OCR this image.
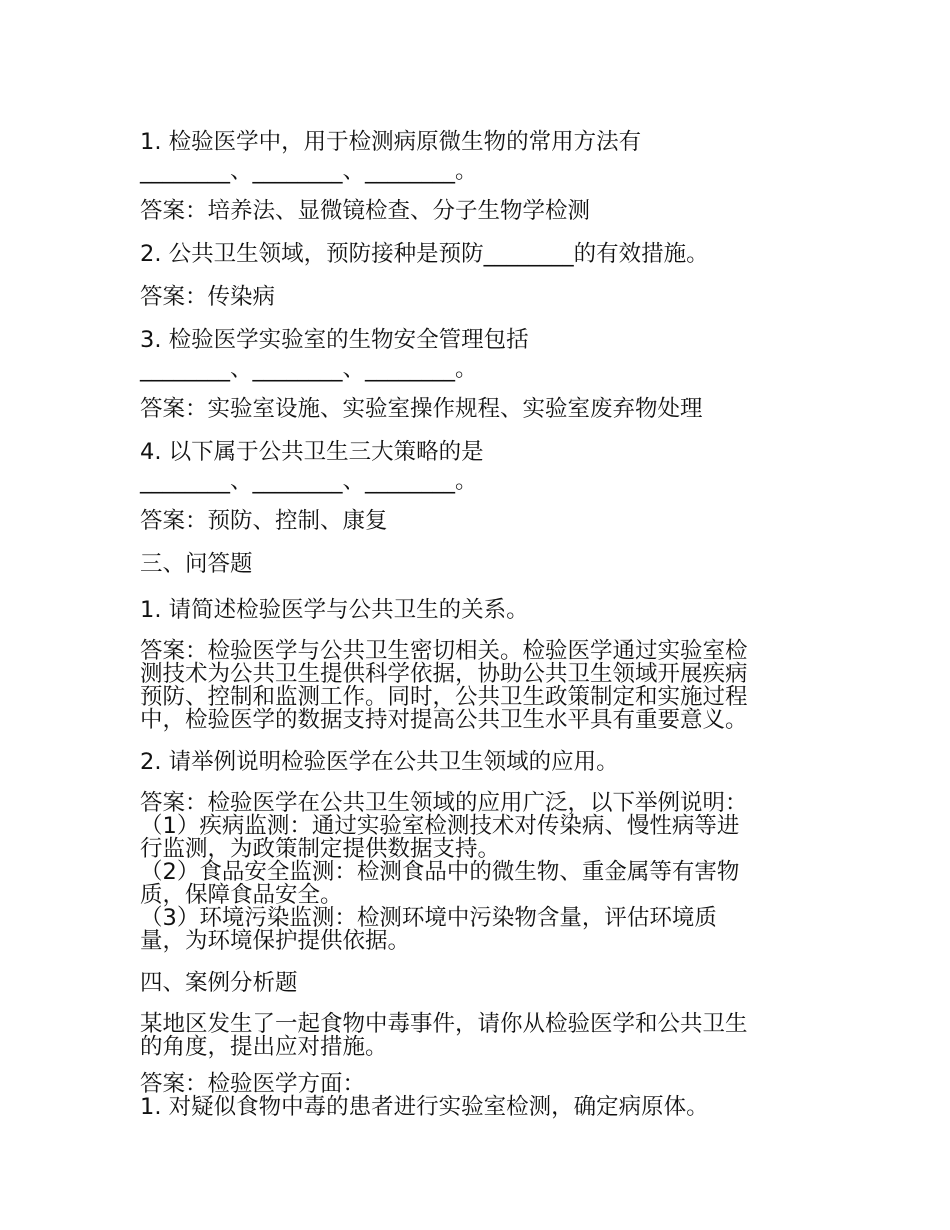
1. 检验医学中，用于检测病原微生物的常用方法有
________、________、________。
答案：培养法、显微镜检查、分子生物学检测
2. 公共卫生领域，预防接种是预防________的有效措施。
答案：传染病
3. 检验医学实验室的生物安全管理包括
________、________、________。
答案：实验室设施、实验室操作规程、实验室废弃物处理
4. 以下属于公共卫生三大策略的是
________、________、________。
答案：预防、控制、康复
三、问答题
1. 请简述检验医学与公共卫生的关系。
答案：检验医学与公共卫生密切相关。检验医学通过实验室检
测技术为公共卫生提供科学依据，协助公共卫生领域开展疾病
预防、控制和监测工作。同时，公共卫生政策制定和实施过程
中，检验医学的数据支持对提高公共卫生水平具有重要意义。
2. 请举例说明检验医学在公共卫生领域的应用。
答案：检验医学在公共卫生领域的应用广泛，以下举例说明：
（1）疾病监测：通过实验室检测技术对传染病、慢性病等进
行监测，为政策制定提供数据支持。
（2）食品安全监测：检测食品中的微生物、重金属等有害物
质，保障食品安全。
（3）环境污染监测：检测环境中污染物含量，评估环境质
量，为环境保护提供依据。
四、案例分析题
某地区发生了一起食物中毒事件，请你从检验医学和公共卫生
的角度，提出应对措施。
答案：检验医学方面：
1. 对疑似食物中毒的患者进行实验室检测，确定病原体。
